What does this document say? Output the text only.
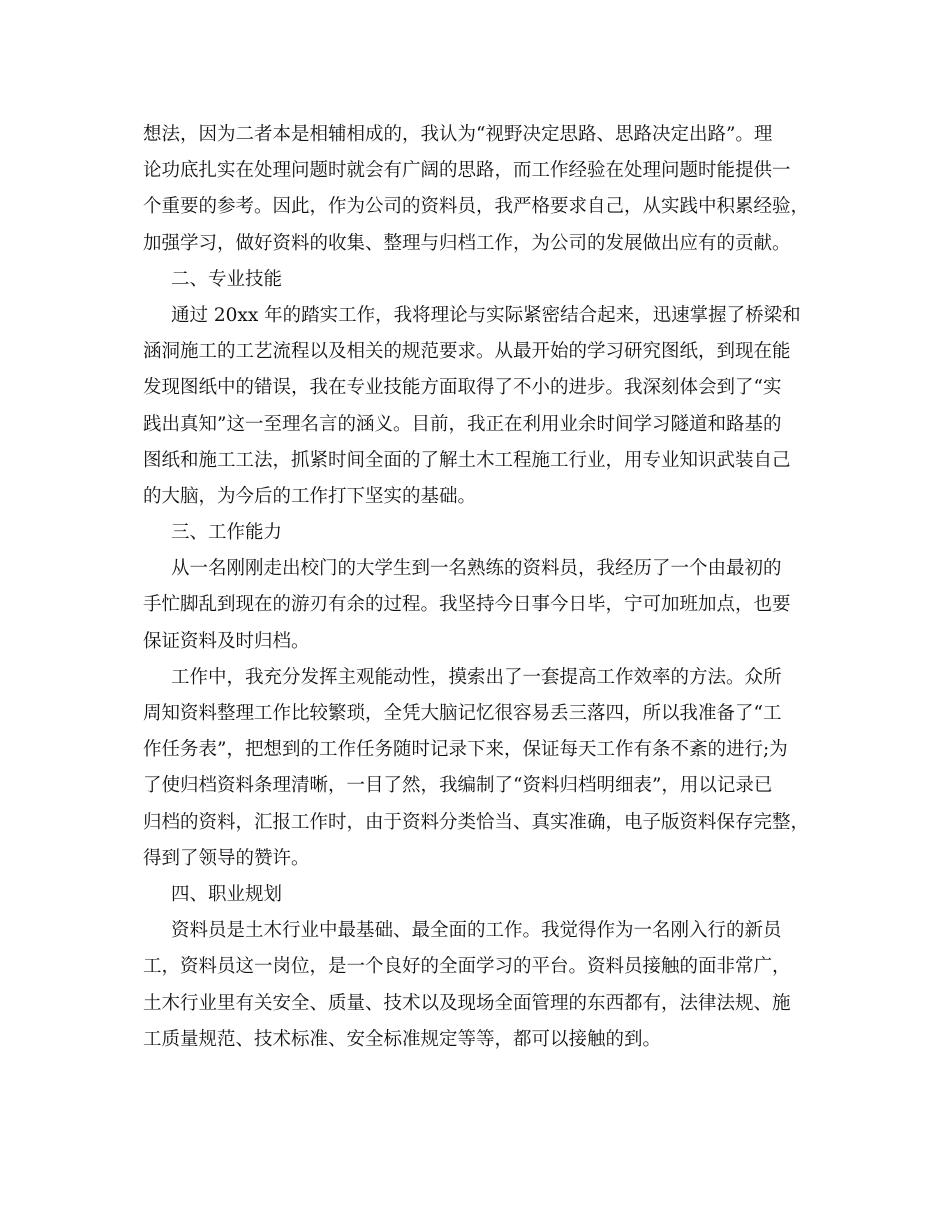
想法，因为二者本是相辅相成的，我认为“视野决定思路、思路决定出路”。理
论功底扎实在处理问题时就会有广阔的思路，而工作经验在处理问题时能提供一
个重要的参考。因此，作为公司的资料员，我严格要求自己，从实践中积累经验，
加强学习，做好资料的收集、整理与归档工作，为公司的发展做出应有的贡献。
二、专业技能
通过 20xx 年的踏实工作，我将理论与实际紧密结合起来，迅速掌握了桥梁和
涵洞施工的工艺流程以及相关的规范要求。从最开始的学习研究图纸，到现在能
发现图纸中的错误，我在专业技能方面取得了不小的进步。我深刻体会到了“实
践出真知”这一至理名言的涵义。目前，我正在利用业余时间学习隧道和路基的
图纸和施工工法，抓紧时间全面的了解土木工程施工行业，用专业知识武装自己
的大脑，为今后的工作打下坚实的基础。
三、工作能力
从一名刚刚走出校门的大学生到一名熟练的资料员，我经历了一个由最初的
手忙脚乱到现在的游刃有余的过程。我坚持今日事今日毕，宁可加班加点，也要
保证资料及时归档。
工作中，我充分发挥主观能动性，摸索出了一套提高工作效率的方法。众所
周知资料整理工作比较繁琐，全凭大脑记忆很容易丢三落四，所以我准备了“工
作任务表”，把想到的工作任务随时记录下来，保证每天工作有条不紊的进行;为
了使归档资料条理清晰，一目了然，我编制了“资料归档明细表”，用以记录已
归档的资料，汇报工作时，由于资料分类恰当、真实准确，电子版资料保存完整，
得到了领导的赞许。
四、职业规划
资料员是土木行业中最基础、最全面的工作。我觉得作为一名刚入行的新员
工，资料员这一岗位，是一个良好的全面学习的平台。资料员接触的面非常广，
土木行业里有关安全、质量、技术以及现场全面管理的东西都有，法律法规、施
工质量规范、技术标准、安全标准规定等等，都可以接触的到。
